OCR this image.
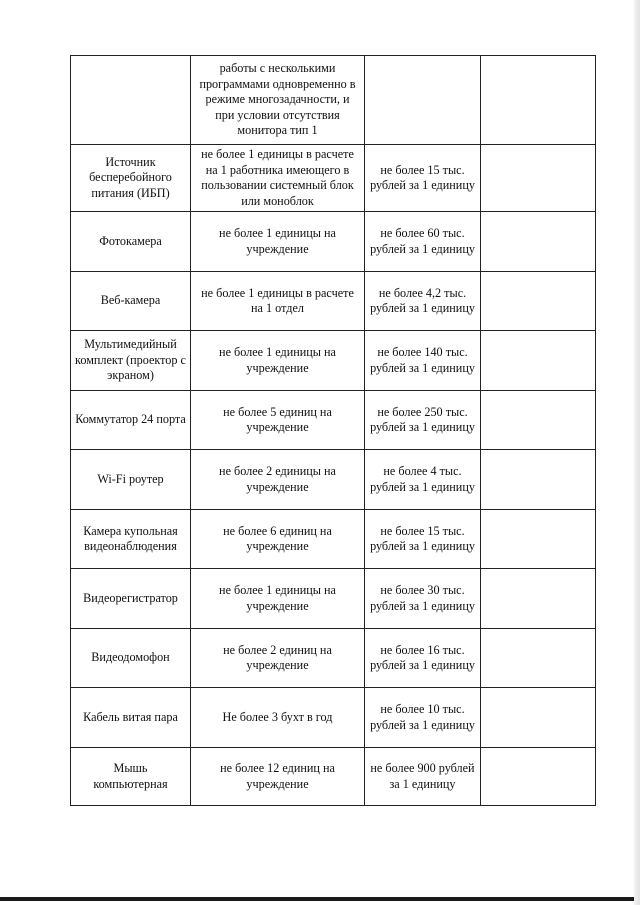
	работы с несколькими программами одновременно в режиме многозадачности, и при условии отсутствия монитора тип 1		
Источник бесперебойного питания (ИБП)	не более 1 единицы в расчете на 1 работника имеющего в пользовании системный блок или моноблок	не более 15 тыс. рублей за 1 единицу	
Фотокамера	не более 1 единицы на учреждение	не более 60 тыс. рублей за 1 единицу	
Веб-камера	не более 1 единицы в расчете на 1 отдел	не более 4,2 тыс. рублей за 1 единицу	
Мультимедийный комплект (проектор с экраном)	не более 1 единицы на учреждение	не более 140 тыс. рублей за 1 единицу	
Коммутатор 24 порта	не более 5 единиц на учреждение	не более 250 тыс. рублей за 1 единицу	
Wi-Fi роутер	не более 2 единицы на учреждение	не более 4 тыс. рублей за 1 единицу	
Камера купольная видеонаблюдения	не более 6 единиц на учреждение	не более 15 тыс. рублей за 1 единицу	
Видеорегистратор	не более 1 единицы на учреждение	не более 30 тыс. рублей за 1 единицу	
Видеодомофон	не более 2 единиц на учреждение	не более 16 тыс. рублей за 1 единицу	
Кабель витая пара	Не более 3 бухт в год	не более 10 тыс. рублей за 1 единицу	
Мышь компьютерная	не более 12 единиц на учреждение	не более 900 рублей за 1 единицу	
